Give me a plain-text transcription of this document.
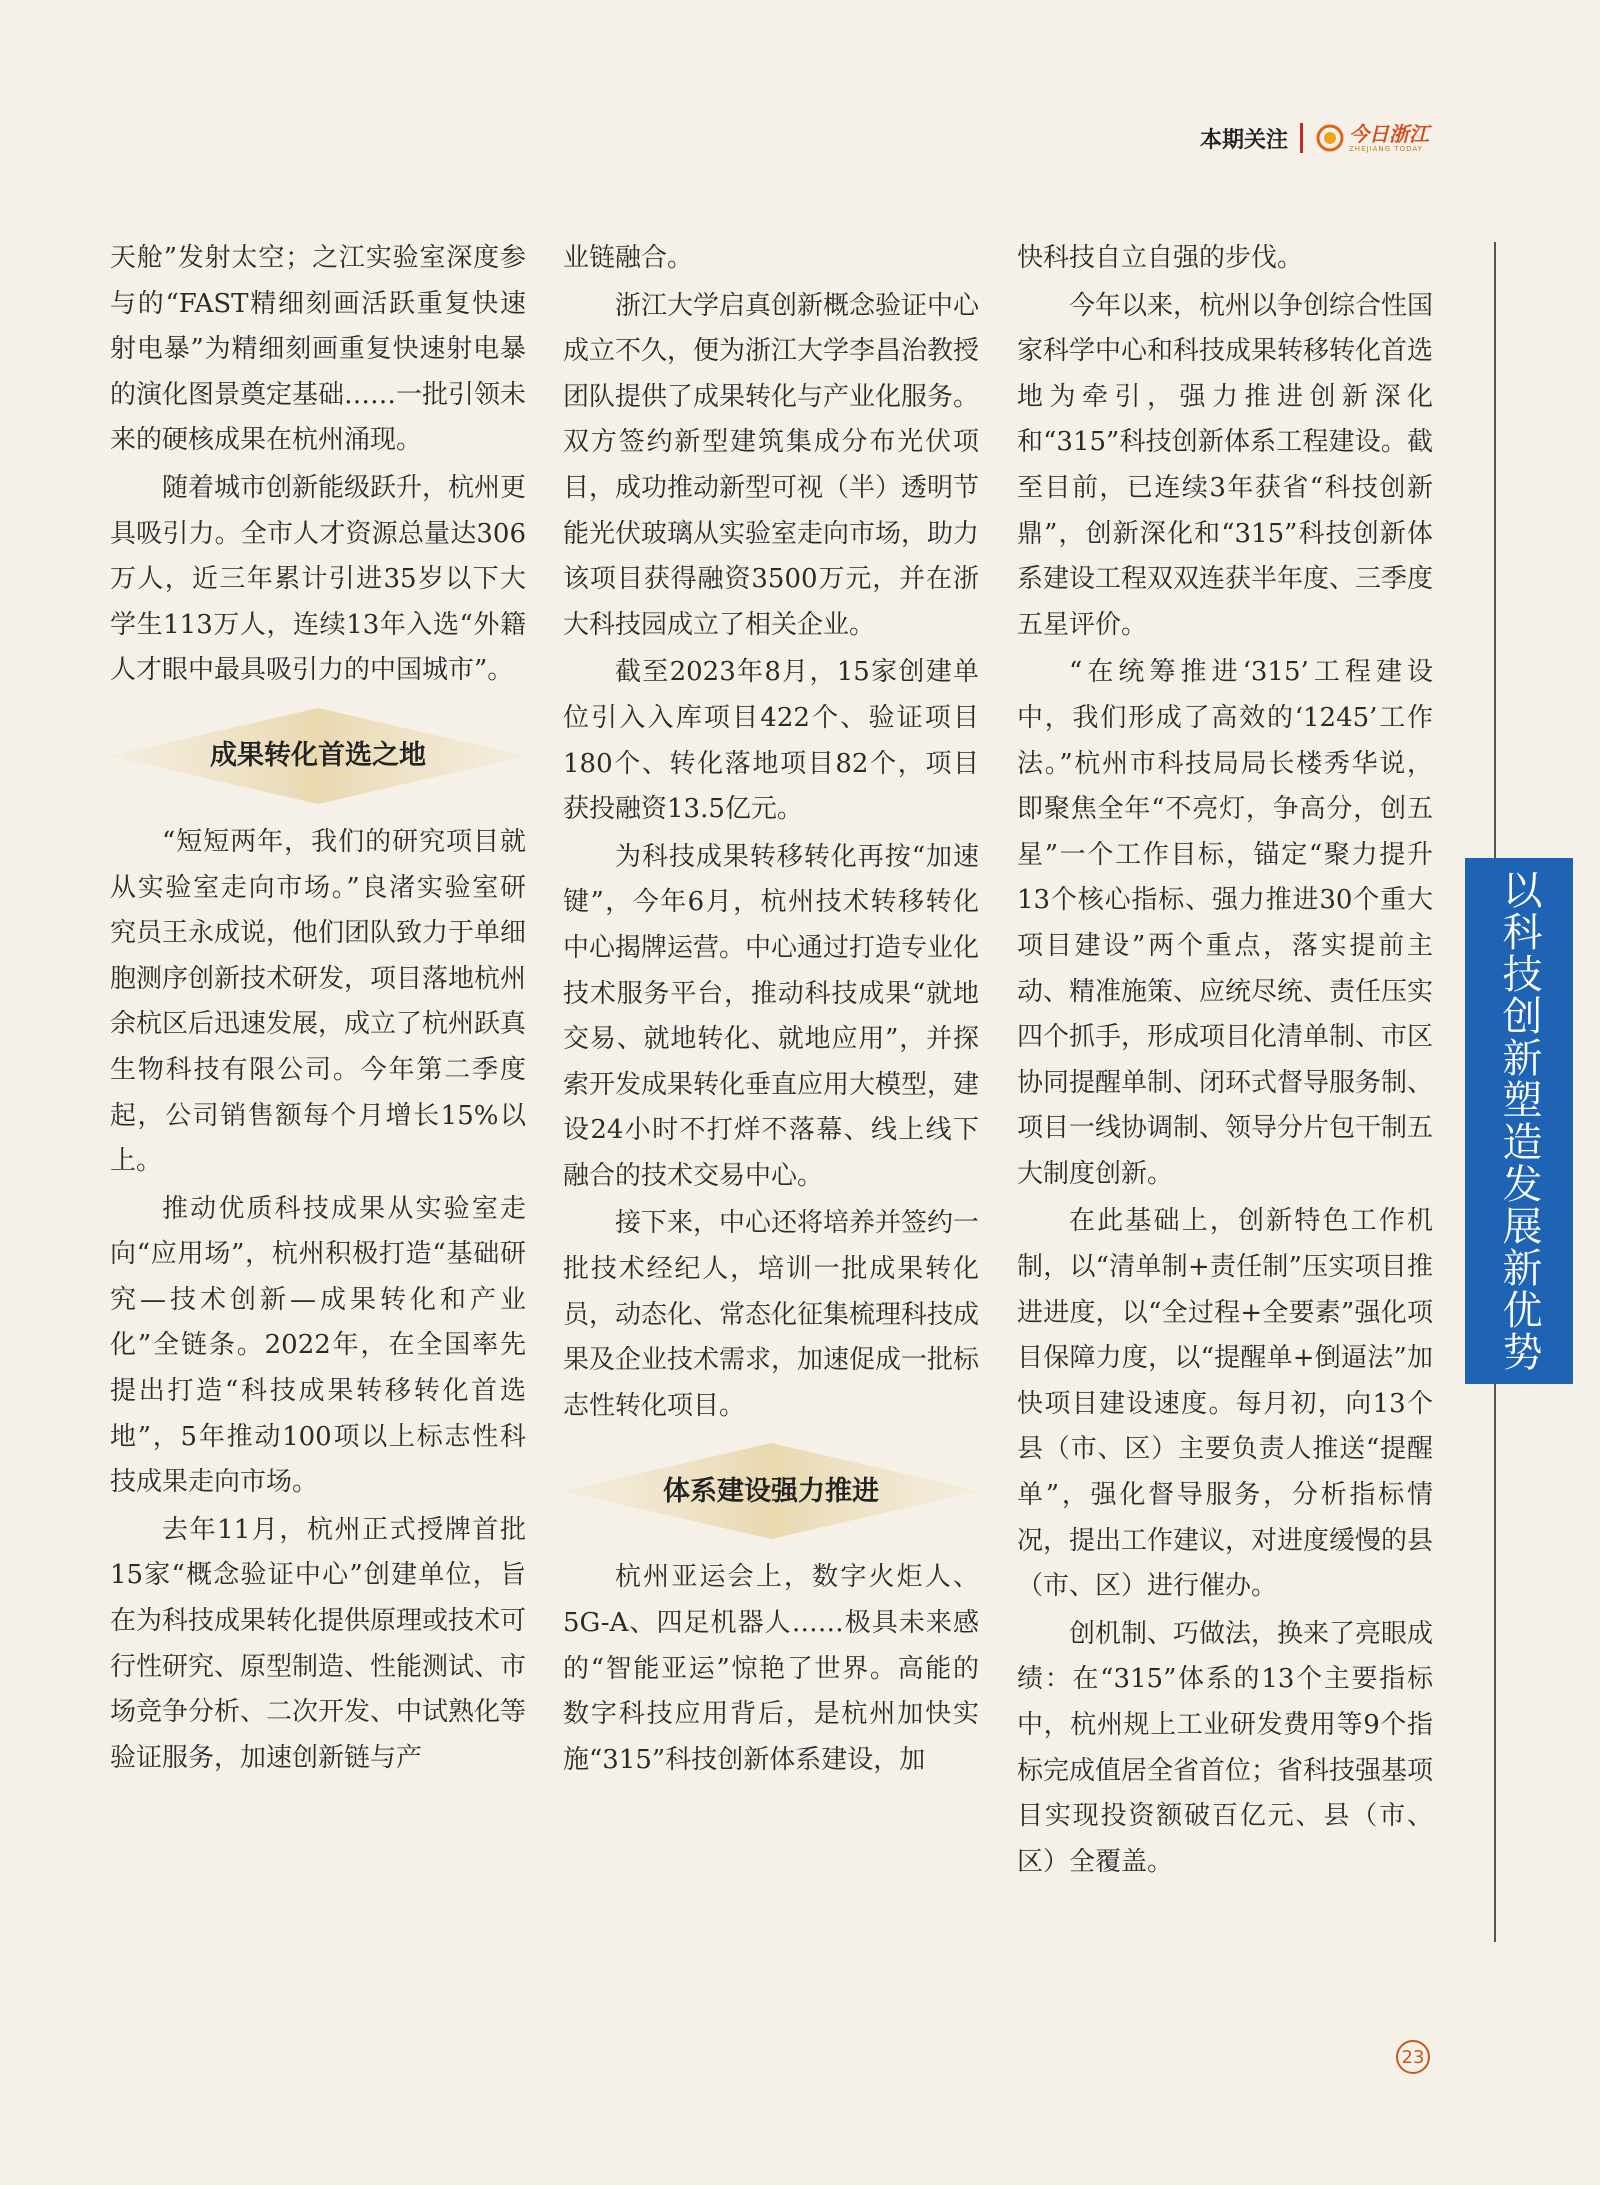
本期关注	今日浙江
ZHEJIANG TODAY

天舱”发射太空；之江实验室深度参与的“FAST精细刻画活跃重复快速射电暴”为精细刻画重复快速射电暴的演化图景奠定基础……一批引领未来的硬核成果在杭州涌现。

随着城市创新能级跃升，杭州更具吸引力。全市人才资源总量达306万人，近三年累计引进35岁以下大学生113万人，连续13年入选“外籍人才眼中最具吸引力的中国城市”。

成果转化首选之地

“短短两年，我们的研究项目就从实验室走向市场。”良渚实验室研究员王永成说，他们团队致力于单细胞测序创新技术研发，项目落地杭州余杭区后迅速发展，成立了杭州跃真生物科技有限公司。今年第二季度起，公司销售额每个月增长15%以上。

推动优质科技成果从实验室走向“应用场”，杭州积极打造“基础研究—技术创新—成果转化和产业化”全链条。2022年，在全国率先提出打造“科技成果转移转化首选地”，5年推动100项以上标志性科技成果走向市场。

去年11月，杭州正式授牌首批15家“概念验证中心”创建单位，旨在为科技成果转化提供原理或技术可行性研究、原型制造、性能测试、市场竞争分析、二次开发、中试熟化等验证服务，加速创新链与产

业链融合。

浙江大学启真创新概念验证中心成立不久，便为浙江大学李昌治教授团队提供了成果转化与产业化服务。双方签约新型建筑集成分布光伏项目，成功推动新型可视（半）透明节能光伏玻璃从实验室走向市场，助力该项目获得融资3500万元，并在浙大科技园成立了相关企业。

截至2023年8月，15家创建单位引入入库项目422个、验证项目180个、转化落地项目82个，项目获投融资13.5亿元。

为科技成果转移转化再按“加速键”，今年6月，杭州技术转移转化中心揭牌运营。中心通过打造专业化技术服务平台，推动科技成果“就地交易、就地转化、就地应用”，并探索开发成果转化垂直应用大模型，建设24小时不打烊不落幕、线上线下融合的技术交易中心。

接下来，中心还将培养并签约一批技术经纪人，培训一批成果转化员，动态化、常态化征集梳理科技成果及企业技术需求，加速促成一批标志性转化项目。

体系建设强力推进

杭州亚运会上，数字火炬人、5G-A、四足机器人……极具未来感的“智能亚运”惊艳了世界。高能的数字科技应用背后，是杭州加快实施“315”科技创新体系建设，加

快科技自立自强的步伐。

今年以来，杭州以争创综合性国家科学中心和科技成果转移转化首选地为牵引，强力推进创新深化和“315”科技创新体系工程建设。截至目前，已连续3年获省“科技创新鼎”，创新深化和“315”科技创新体系建设工程双双连获半年度、三季度五星评价。

“在统筹推进‘315’工程建设中，我们形成了高效的‘1245’工作法。”杭州市科技局局长楼秀华说，即聚焦全年“不亮灯，争高分，创五星”一个工作目标，锚定“聚力提升13个核心指标、强力推进30个重大项目建设”两个重点，落实提前主动、精准施策、应统尽统、责任压实四个抓手，形成项目化清单制、市区协同提醒单制、闭环式督导服务制、项目一线协调制、领导分片包干制五大制度创新。

在此基础上，创新特色工作机制，以“清单制+责任制”压实项目推进进度，以“全过程+全要素”强化项目保障力度，以“提醒单+倒逼法”加快项目建设速度。每月初，向13个县（市、区）主要负责人推送“提醒单”，强化督导服务，分析指标情况，提出工作建议，对进度缓慢的县（市、区）进行催办。

创机制、巧做法，换来了亮眼成绩：在“315”体系的13个主要指标中，杭州规上工业研发费用等9个指标完成值居全省首位；省科技强基项目实现投资额破百亿元、县（市、区）全覆盖。

以科技创新塑造发展新优势
23
